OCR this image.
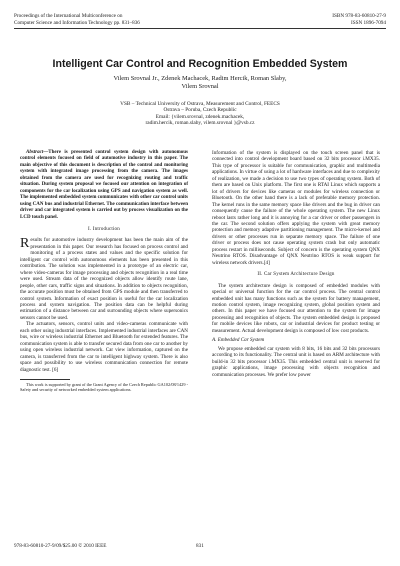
Proceedings of the International Multiconference on
Computer Science and Information Technology pp. 831–836
ISBN 978-83-60810-27-9
ISSN 1896-7094
Intelligent Car Control and Recognition Embedded System
Vilem Srovnal Jr., Zdenek Machacek, Radim Hercik, Roman Slaby,
Vilem Srovnal
VSB – Technical University of Ostrava, Measurement and Control, FEECS
Ostrava – Poruba, Czech Republic
Email: {vilem.srovnal, zdenek.machacek,
radim.hercik, roman.slaby, vilem.srovnal }@vsb.cz

Abstract—There is presented control system design with autonomous control elements focused on field of automotive industry in this paper. The main objective of this document is description of the control and monitoring system with integrated image processing from the camera. The images obtained from the camera are used for recognizing routing and traffic situation. During system proposal we focused our attention on integration of components for the car localization using GPS and navigation system as well. The implemented embedded system communicates with other car control units using CAN bus and industrial Ethernet. The communication interface between driver and car integrated system is carried out by process visualization on the LCD touch panel.

I. Introduction

Results for automotive industry development has been the main aim of the presentation in this paper. Our research has focused on process control and monitoring of a process states and values and the specific solution for intelligent car control with autonomous elements has been presented in this contribution. The solution was implemented in a prototype of an electric car, where video-cameras for image processing and objects recognition in a real time were used. Stream data of the recognized objects allow identify route lane, people, other cars, traffic signs and situations. In addition to objects recognition, the accurate position must be obtained from GPS module and then transferred to control system. Information of exact position is useful for the car localization process and system navigation. The position data can be helpful during estimation of a distance between car and surrounding objects where supersonics sensors cannot be used.

The actuators, sensors, control units and video-cameras communicate with each other using industrial interfaces. Implemented industrial interfaces are CAN bus, wire or wireless industrial Ethernet and Bluetooth for extended features. The communication system is able to transfer secured data from one car to another by using open wireless industrial network. Car view information, captured on the camera, is transferred from the car to intelligent highway system. There is also space and possibility to use wireless communication connection for remote diagnostic test. [6]

This work is supported by grant of the Grant Agency of the Czech Republic GA102/08/1429 - Safety and security of networked embedded system applications.

Information of the system is displayed on the touch screen panel that is connected into control development board based on 32 bits processor i.MX35. This type of processor is suitable for communication, graphic and multimedia applications. In virtue of using a lot of hardware interfaces and due to complexity of realization, we made a decision to use two types of operating system. Both of them are based on Unix platform. The first one is RTAI Linux which supports a lot of drivers for devices like cameras or modules for wireless connection or Bluetooth. On the other hand there is a lack of preferable memory protection. The kernel runs in the same memory space like drivers and the bug in driver can consequently cause the failure of the whole operating system. The new Linux reboot lasts rather long and it is annoying for a car driver or other passengers in the car. The second solution offers applying the system with great memory protection and memory adaptive partitioning management. The micro-kernel and drivers or other processes run in separate memory space. The failure of one driver or process does not cause operating system crash but only automatic process restart in milliseconds. Subject of concern is the operating system QNX Neutrino RTOS. Disadvantage of QNX Neutrino RTOS is weak support for wireless network drivers.[4]

II. Car System Architecture Design

The system architecture design is composed of embedded modules with special or universal function for the car control process. The central control embedded unit has many functions such as the system for battery management, motion control system, image recognizing system, global position system and others. In this paper we have focused our attention to the system for image processing and recognition of objects. The system embedded design is proposed for mobile devices like robots, car or industrial devices for product testing or measurement. Actual development design is composed of low cost products.

A. Embedded Car System

We propose embedded car system with 8 bits, 16 bits and 32 bits processors according to its functionality. The central unit is based on ARM architecture with build-in 32 bits processor i.MX35. This embedded central unit is reserved for graphic applications, image processing with objects recognition and communication processes. We prefer low power

978-83-60810-27-9/09/$25.00 © 2010 IEEE	831
